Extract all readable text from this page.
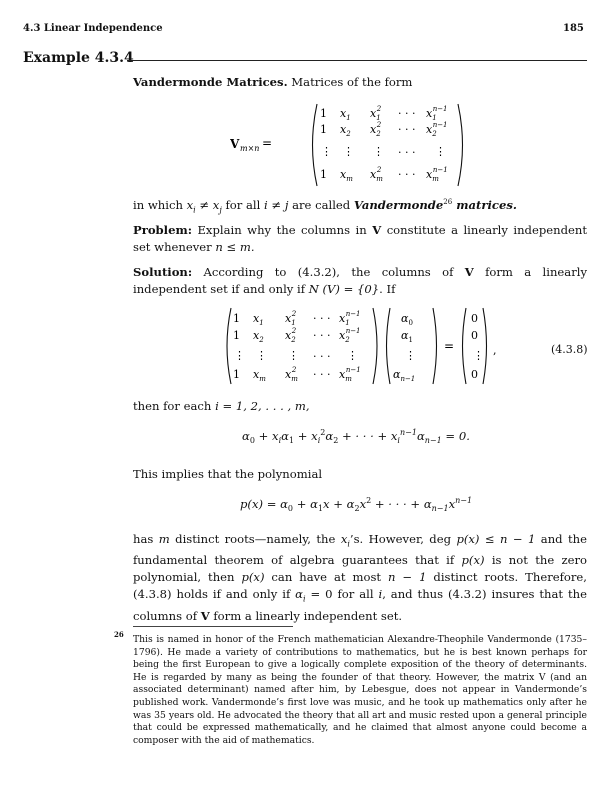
4.3 Linear Independence	185
Example 4.3.4
Vandermonde Matrices. Matrices of the form
V m×n =
1 $x_1$ $x_12$ · · · $x_1n-1$
1 $x_2$ $x_22$ · · · $x_2n-1$
⋮ ⋮ ⋮ . . . ⋮
1 $x_m$ $x_m2$ · · · $x_mn-1$
in which $x_i \ne x_j$ for all i ≠ j are called Vandermonde$^{26}$ matrices.
Problem: Explain why the columns in V constitute a linearly independent set whenever n ≤ m.
Solution: According to (4.3.2), the columns of V form a linearly independent set if and only if N (V) = {0}. If
1 $x_1$ $x_12$ · · · $x_1n-1$
1 $x_2$ $x_22$ · · · $x_2n-1$
⋮ ⋮ ⋮ . . . ⋮
1 $x_m$ $x_m2$ · · · $x_mn-1$
$\alpha_0$
$\alpha_1$
⋮
$\alpha_{n-1}$
=
0
0
⋮
0
,	(4.3.8)
then for each i = 1, 2, . . . , m,
$\alpha_0 + x_i\alpha_1 + x_i^2\alpha_2$ + · · · + $x_i^{n-1}\alpha_{n-1} = 0$.
This implies that the polynomial
$p(x) = \alpha_0 + \alpha_1x + \alpha_2x^2$ + · · · + $\alpha_{n-1}x^{n-1}$
has m distinct roots—namely, the $x_i’s$. However, deg p(x) ≤ n − 1 and the fundamental theorem of algebra guarantees that if p(x) is not the zero polynomial, then p(x) can have at most n − 1 distinct roots. Therefore, (4.3.8) holds if and only if $\alpha_i = 0$ for all i, and thus (4.3.2) insures that the columns of V form a linearly independent set.
26 This is named in honor of the French mathematician Alexandre-Theophile Vandermonde (1735–1796). He made a variety of contributions to mathematics, but he is best known perhaps for being the first European to give a logically complete exposition of the theory of determinants. He is regarded by many as being the founder of that theory. However, the matrix V (and an associated determinant) named after him, by Lebesgue, does not appear in Vandermonde’s published work. Vandermonde’s first love was music, and he took up mathematics only after he was 35 years old. He advocated the theory that all art and music rested upon a general principle that could be expressed mathematically, and he claimed that almost anyone could become a composer with the aid of mathematics.
